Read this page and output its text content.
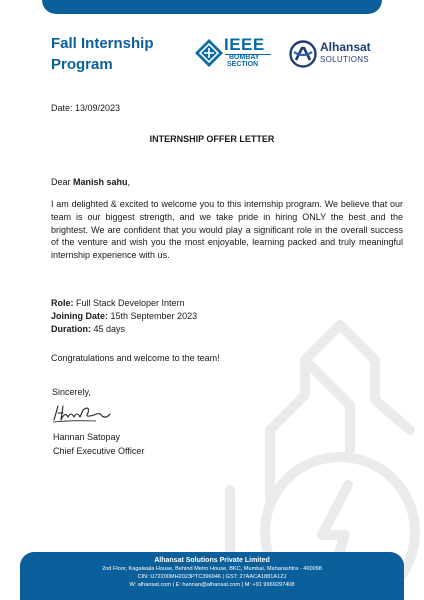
Fall Internship
Program
IEEE
BOMBAY
SECTION
Alhansat
SOLUTIONS
Date: 13/09/2023
INTERNSHIP OFFER LETTER
Dear Manish sahu,
I am delighted & excited to welcome you to this internship program. We believe that our team is our biggest strength, and we take pride in hiring ONLY the best and the brightest. We are confident that you would play a significant role in the overall success of the venture and wish you the most enjoyable, learning packed and truly meaningful internship experience with us.
Role: Full Stack Developer Intern
Joining Date: 15th September 2023
Duration: 45 days
Congratulations and welcome to the team!
Sincerely,
Hannan Satopay
Chief Executive Officer
Alhansat Solutions Private Limited
2nd Floor, Kagalwala House, Behind Metro House, BKC, Mumbai, Maharashtra - 400098
CIN: U72200MH2023PTC396946 | GST: 27AACA1881A1ZJ
W: alhansat.com | E: hannan@alhansat.com | M: +91 9969297408
